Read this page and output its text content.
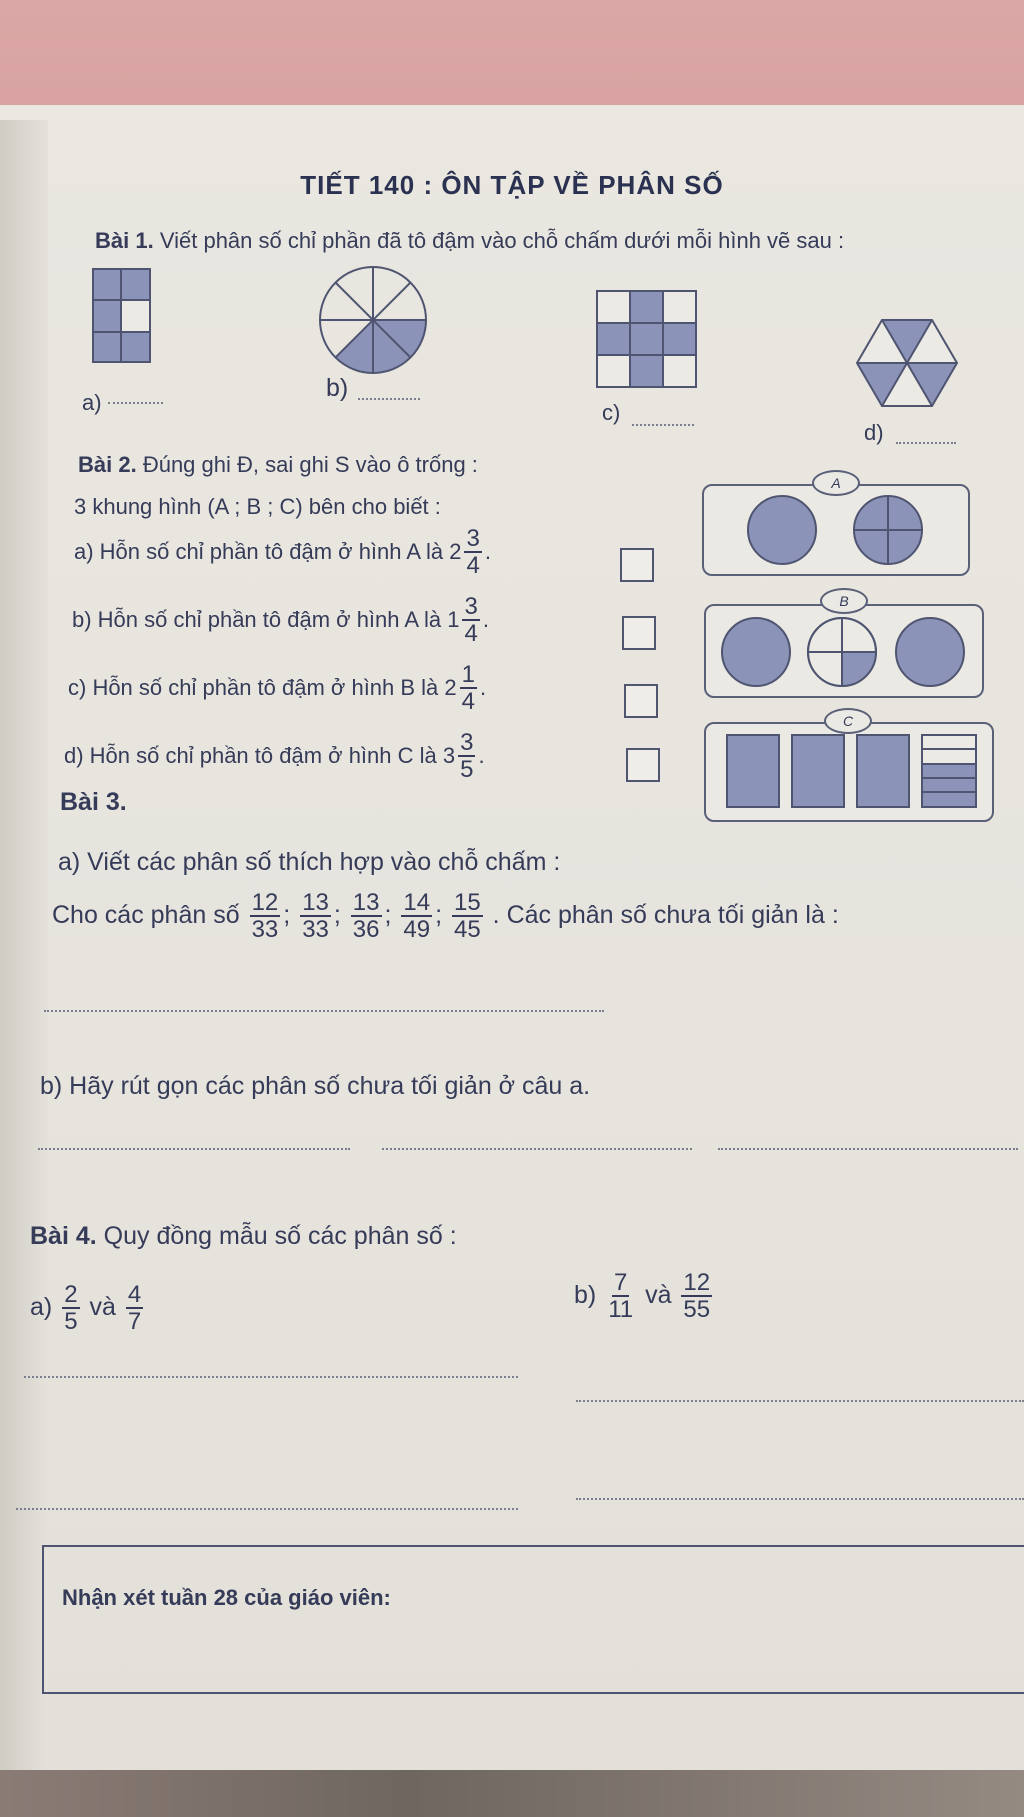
TIẾT 140 : ÔN TẬP VỀ PHÂN SỐ
Bài 1. Viết phân số chỉ phần đã tô đậm vào chỗ chấm dưới mỗi hình vẽ sau :
a)
b)
c)
d)
Bài 2. Đúng ghi Đ, sai ghi S vào ô trống :
3 khung hình (A ; B ; C) bên cho biết :
a) Hỗn số chỉ phần tô đậm ở hình A là $2 \frac{3}{4}$ .
b) Hỗn số chỉ phần tô đậm ở hình A là $1 \frac{3}{4}$ .
c) Hỗn số chỉ phần tô đậm ở hình B là $2 \frac{1}{4}$ .
d) Hỗn số chỉ phần tô đậm ở hình C là $3 \frac{3}{5}$ .
A
B
C
Bài 3.
a) Viết các phân số thích hợp vào chỗ chấm :
Cho các phân số $\frac{12}{33}$ ; $\frac{13}{33}$ ; $\frac{13}{36}$ ; $\frac{14}{49}$ ; $\frac{15}{45}$ . Các phân số chưa tối giản là :
b) Hãy rút gọn các phân số chưa tối giản ở câu a.
Bài 4. Quy đồng mẫu số các phân số :
$a) \frac{2}{5}$ và $\frac{4}{7}$	$b) \frac{7}{11}$ và $\frac{12}{55}$
Nhận xét tuần 28 của giáo viên:
